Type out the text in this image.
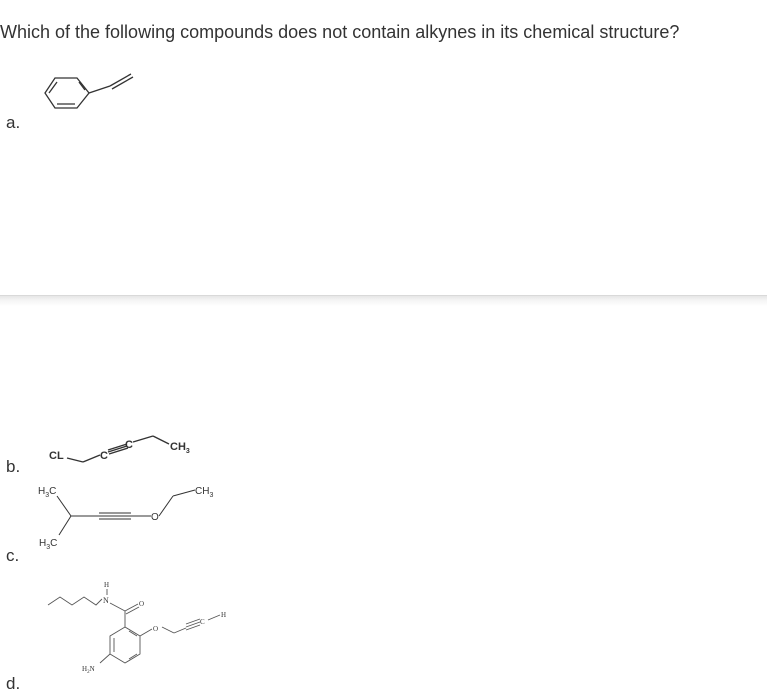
Which of the following compounds does not contain alkynes in its chemical structure?
a.
CL	C
C	$CH_3$
b.
$H_3C$
$H_3C$
$CH_3$
O
c.
H
N	O
O
C
H
$H_2N$
d.
